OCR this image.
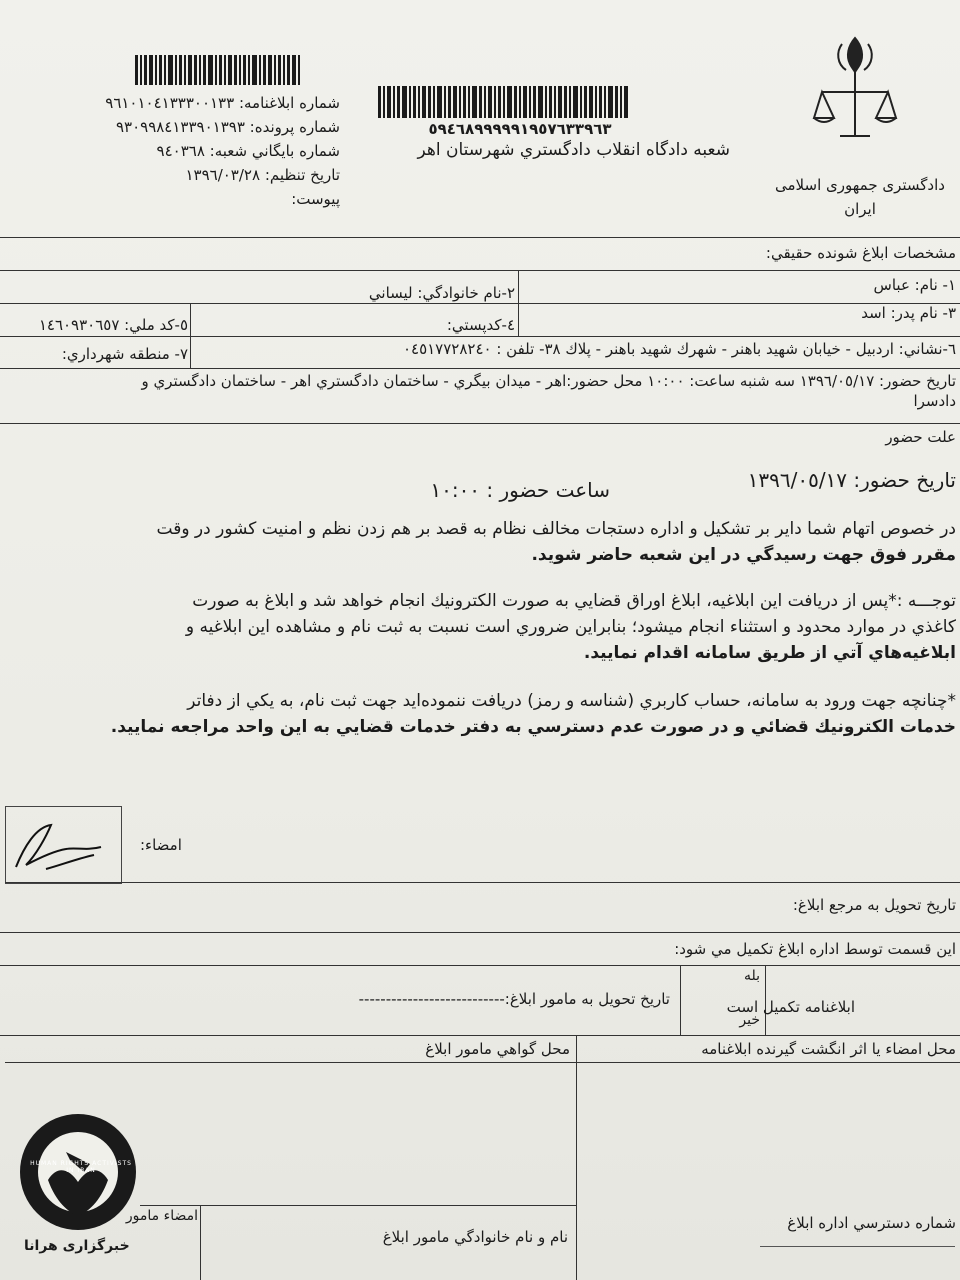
دادگستری جمهوری اسلامی
ایران
٥٩٤٦٨٩٩٩٩٩١٩٥٧٦٣٣٩٦٣
شعبه دادگاه انقلاب دادگستري شهرستان اهر
شماره ابلاغنامه: ٩٦١٠١٠٤١٣٣٣٠٠١٣٣
شماره پرونده: ٩٣٠٩٩٨٤١٣٣٩٠١٣٩٣
شماره بايگاني شعبه: ٩٤٠٣٦٨
تاريخ تنظيم: ١٣٩٦/٠٣/٢٨
پيوست:
مشخصات ابلاغ شونده حقيقي:
١- نام: عباس
٢-نام خانوادگي: ليساني
٣- نام پدر: اسد
٤-كدپستي:
٥-كد ملي: ١٤٦٠٩٣٠٦٥٧
٦-نشاني: اردبيل - خيابان شهيد باهنر - شهرك شهيد باهنر - پلاك ٣٨- تلفن : ٠٤٥١٧٧٢٨٢٤٠
٧- منطقه شهرداري:
تاريخ حضور: ١٣٩٦/٠٥/١٧ سه شنبه ساعت: ١٠:٠٠ محل حضور:اهر - ميدان بيگري - ساختمان دادگستري اهر - ساختمان دادگستري و
دادسرا
علت حضور
تاريخ حضور: ١٣٩٦/٠٥/١٧
ساعت حضور : ١٠:٠٠
در خصوص اتهام شما داير بر تشكيل و اداره دستجات مخالف نظام به قصد بر هم زدن نظم و امنيت كشور در وقت
مقرر فوق جهت رسيدگي در اين شعبه حاضر شويد.
توجـــه :*پس از دريافت اين ابلاغيه، ابلاغ اوراق قضايي به صورت الكترونيك انجام خواهد شد و ابلاغ به صورت
كاغذي در موارد محدود و استثناء انجام ميشود؛ بنابراين ضروري است نسبت به ثبت نام و مشاهده اين ابلاغيه و
ابلاغيه‌هاي آتي از طريق سامانه اقدام نماييد.
*چنانچه جهت ورود به سامانه، حساب كاربري (شناسه و رمز) دريافت ننموده‌ايد جهت ثبت نام، به يكي از دفاتر
خدمات الكترونيك قضائي و در صورت عدم دسترسي به دفتر خدمات قضايي به اين واحد مراجعه نماييد.
امضاء:
تاريخ تحويل به مرجع ابلاغ:
اين قسمت توسط اداره ابلاغ تكميل مي شود:
ابلاغنامه تكميل است
بله
خير
تاريخ تحويل به مامور ابلاغ:---------------------------
محل امضاء يا اثر انگشت گيرنده ابلاغنامه
محل گواهي مامور ابلاغ
امضاء مامور
نام و نام خانوادگي مامور ابلاغ
شماره دسترسي اداره ابلاغ
HUMAN RIGHTS ACTIVISTS IN IRAN
خبرگزاری هرانا
